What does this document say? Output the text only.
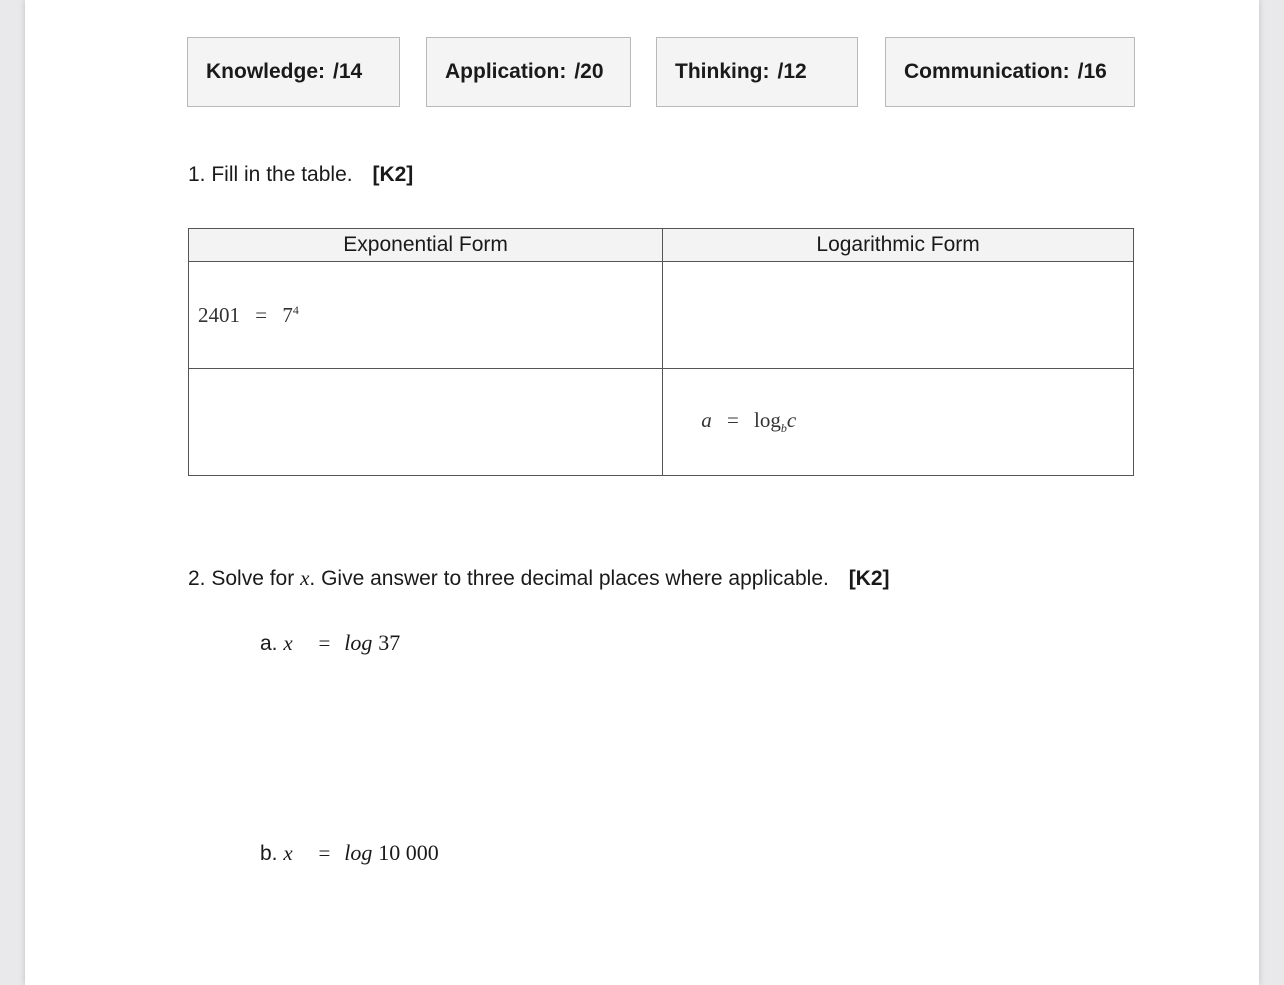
Knowledge: /14	Application: /20	Thinking: /12	Communication: /16
1. Fill in the table. [K2]
Exponential Form	Logarithmic Form
$2401 = 7^4$	
	$a = \log_bc$
2. Solve for x. Give answer to three decimal places where applicable. [K2]
a. x = log 37
b. x = log 10 000
